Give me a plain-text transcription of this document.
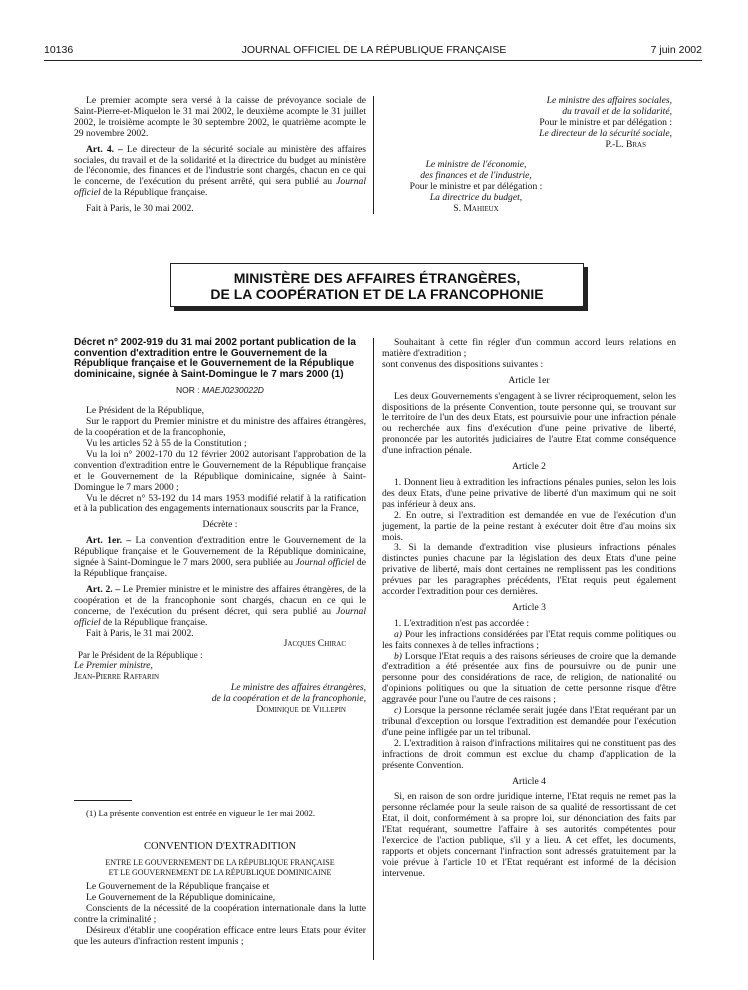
10136	JOURNAL OFFICIEL DE LA RÉPUBLIQUE FRANÇAISE	7 juin 2002

Le premier acompte sera versé à la caisse de prévoyance sociale de Saint-Pierre-et-Miquelon le 31 mai 2002, le deuxième acompte le 31 juillet 2002, le troisième acompte le 30 septembre 2002, le quatrième acompte le 29 novembre 2002.

Art. 4. – Le directeur de la sécurité sociale au ministère des affaires sociales, du travail et de la solidarité et la directrice du budget au ministère de l'économie, des finances et de l'industrie sont chargés, chacun en ce qui le concerne, de l'exécution du présent arrêté, qui sera publié au Journal officiel de la République française.

Fait à Paris, le 30 mai 2002.

Le ministre des affaires sociales,

du travail et de la solidarité,

Pour le ministre et par délégation :

Le directeur de la sécurité sociale,

P.-L. Bras

Le ministre de l'économie,

des finances et de l'industrie,

Pour le ministre et par délégation :

La directrice du budget,

S. Mahieux

MINISTÈRE DES AFFAIRES ÉTRANGÈRES,
DE LA COOPÉRATION ET DE LA FRANCOPHONIE
Décret n° 2002-919 du 31 mai 2002 portant publication de la convention d'extradition entre le Gouvernement de la République française et le Gouvernement de la République dominicaine, signée à Saint-Domingue le 7 mars 2000 (1)
NOR : MAEJ0230022D

Le Président de la République,

Sur le rapport du Premier ministre et du ministre des affaires étrangères, de la coopération et de la francophonie,

Vu les articles 52 à 55 de la Constitution ;

Vu la loi n° 2002-170 du 12 février 2002 autorisant l'approbation de la convention d'extradition entre le Gouvernement de la République française et le Gouvernement de la République dominicaine, signée à Saint-Domingue le 7 mars 2000 ;

Vu le décret n° 53-192 du 14 mars 1953 modifié relatif à la ratification et à la publication des engagements internationaux souscrits par la France,

Décrète :

Art. 1er. – La convention d'extradition entre le Gouvernement de la République française et le Gouvernement de la République dominicaine, signée à Saint-Domingue le 7 mars 2000, sera publiée au Journal officiel de la République française.

Art. 2. – Le Premier ministre et le ministre des affaires étrangères, de la coopération et de la francophonie sont chargés, chacun en ce qui le concerne, de l'exécution du présent décret, qui sera publié au Journal officiel de la République française.

Fait à Paris, le 31 mai 2002.

Jacques Chirac

Par le Président de la République :

Le Premier ministre,

Jean-Pierre Raffarin

Le ministre des affaires étrangères,

de la coopération et de la francophonie,

Dominique de Villepin

(1) La présente convention est entrée en vigueur le 1er mai 2002.

CONVENTION D'EXTRADITION

ENTRE LE GOUVERNEMENT DE LA RÉPUBLIQUE FRANÇAISE

ET LE GOUVERNEMENT DE LA RÉPUBLIQUE DOMINICAINE

Le Gouvernement de la République française et

Le Gouvernement de la République dominicaine,

Conscients de la nécessité de la coopération internationale dans la lutte contre la criminalité ;

Désireux d'établir une coopération efficace entre leurs Etats pour éviter que les auteurs d'infraction restent impunis ;

Souhaitant à cette fin régler d'un commun accord leurs relations en matière d'extradition ;

sont convenus des dispositions suivantes :

Article 1er

Les deux Gouvernements s'engagent à se livrer réciproquement, selon les dispositions de la présente Convention, toute personne qui, se trouvant sur le territoire de l'un des deux Etats, est poursuivie pour une infraction pénale ou recherchée aux fins d'exécution d'une peine privative de liberté, prononcée par les autorités judiciaires de l'autre Etat comme conséquence d'une infraction pénale.

Article 2

1. Donnent lieu à extradition les infractions pénales punies, selon les lois des deux Etats, d'une peine privative de liberté d'un maximum qui ne soit pas inférieur à deux ans.

2. En outre, si l'extradition est demandée en vue de l'exécution d'un jugement, la partie de la peine restant à exécuter doit être d'au moins six mois.

3. Si la demande d'extradition vise plusieurs infractions pénales distinctes punies chacune par la législation des deux Etats d'une peine privative de liberté, mais dont certaines ne remplissent pas les conditions prévues par les paragraphes précédents, l'Etat requis peut également accorder l'extradition pour ces dernières.

Article 3

1. L'extradition n'est pas accordée :

a) Pour les infractions considérées par l'Etat requis comme politiques ou les faits connexes à de telles infractions ;

b) Lorsque l'Etat requis a des raisons sérieuses de croire que la demande d'extradition a été présentée aux fins de poursuivre ou de punir une personne pour des considérations de race, de religion, de nationalité ou d'opinions politiques ou que la situation de cette personne risque d'être aggravée pour l'une ou l'autre de ces raisons ;

c) Lorsque la personne réclamée serait jugée dans l'Etat requérant par un tribunal d'exception ou lorsque l'extradition est demandée pour l'exécution d'une peine infligée par un tel tribunal.

2. L'extradition à raison d'infractions militaires qui ne constituent pas des infractions de droit commun est exclue du champ d'application de la présente Convention.

Article 4

Si, en raison de son ordre juridique interne, l'Etat requis ne remet pas la personne réclamée pour la seule raison de sa qualité de ressortissant de cet Etat, il doit, conformément à sa propre loi, sur dénonciation des faits par l'Etat requérant, soumettre l'affaire à ses autorités compétentes pour l'exercice de l'action publique, s'il y a lieu. A cet effet, les documents, rapports et objets concernant l'infraction sont adressés gratuitement par la voie prévue à l'article 10 et l'Etat requérant est informé de la décision intervenue.
